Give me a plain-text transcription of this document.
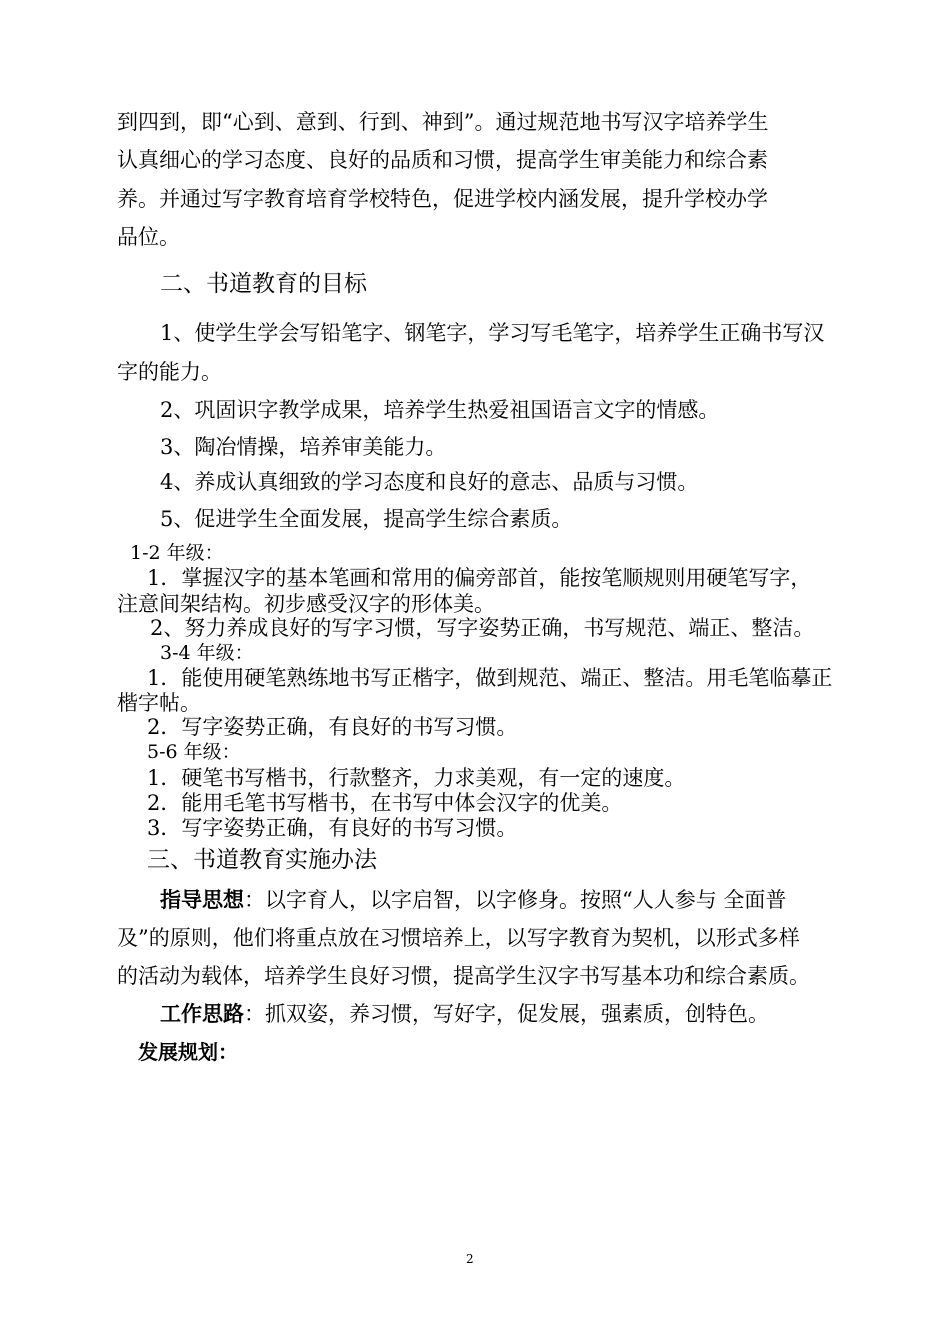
到四到，即“心到、意到、行到、神到”。通过规范地书写汉字培养学生
认真细心的学习态度、良好的品质和习惯，提高学生审美能力和综合素
养。并通过写字教育培育学校特色，促进学校内涵发展，提升学校办学
品位。
二、书道教育的目标
1、使学生学会写铅笔字、钢笔字，学习写毛笔字，培养学生正确书写汉
字的能力。
2、巩固识字教学成果，培养学生热爱祖国语言文字的情感。
3、陶冶情操，培养审美能力。
4、养成认真细致的学习态度和良好的意志、品质与习惯。
5、促进学生全面发展，提高学生综合素质。
1-2 年级：
1．掌握汉字的基本笔画和常用的偏旁部首，能按笔顺规则用硬笔写字，
注意间架结构。初步感受汉字的形体美。
2、努力养成良好的写字习惯，写字姿势正确，书写规范、端正、整洁。
3-4 年级：
1．能使用硬笔熟练地书写正楷字，做到规范、端正、整洁。用毛笔临摹正
楷字帖。
2．写字姿势正确，有良好的书写习惯。
5-6 年级：
1．硬笔书写楷书，行款整齐，力求美观，有一定的速度。
2．能用毛笔书写楷书，在书写中体会汉字的优美。
3．写字姿势正确，有良好的书写习惯。
三、书道教育实施办法
指导思想：以字育人，以字启智，以字修身。按照“人人参与 全面普
及”的原则，他们将重点放在习惯培养上，以写字教育为契机，以形式多样
的活动为载体，培养学生良好习惯，提高学生汉字书写基本功和综合素质。
工作思路：抓双姿，养习惯，写好字，促发展，强素质，创特色。
发展规划：
2
